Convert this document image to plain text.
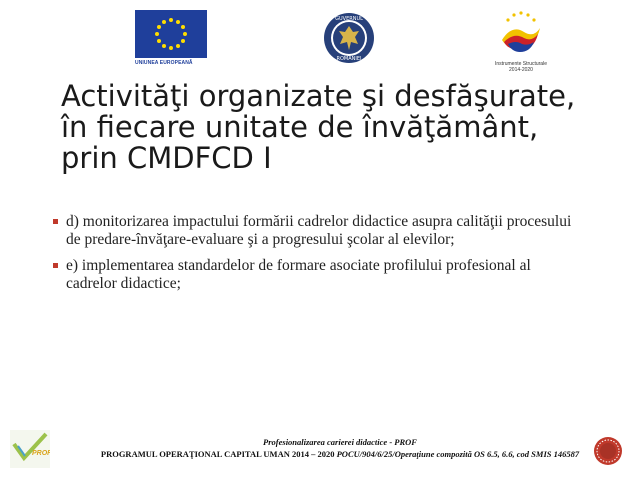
UNIUNEA EUROPEANĂ
GUVERNUL
ROMÂNIEI
Instrumente Structurale
2014-2020
Activităţi organizate şi desfăşurate,
în fiecare unitate de învăţământ,
prin CMDFCD I
d) monitorizarea impactului formării cadrelor didactice asupra calităţii procesului de predare-învăţare-evaluare şi a progresului şcolar al elevilor;
e) implementarea standardelor de formare asociate profilului profesional al cadrelor didactice;
PROF
Profesionalizarea carierei didactice - PROF
PROGRAMUL OPERAŢIONAL CAPITAL UMAN 2014 – 2020 POCU/904/6/25/Operaţiune compozită OS 6.5, 6.6, cod SMIS 146587
